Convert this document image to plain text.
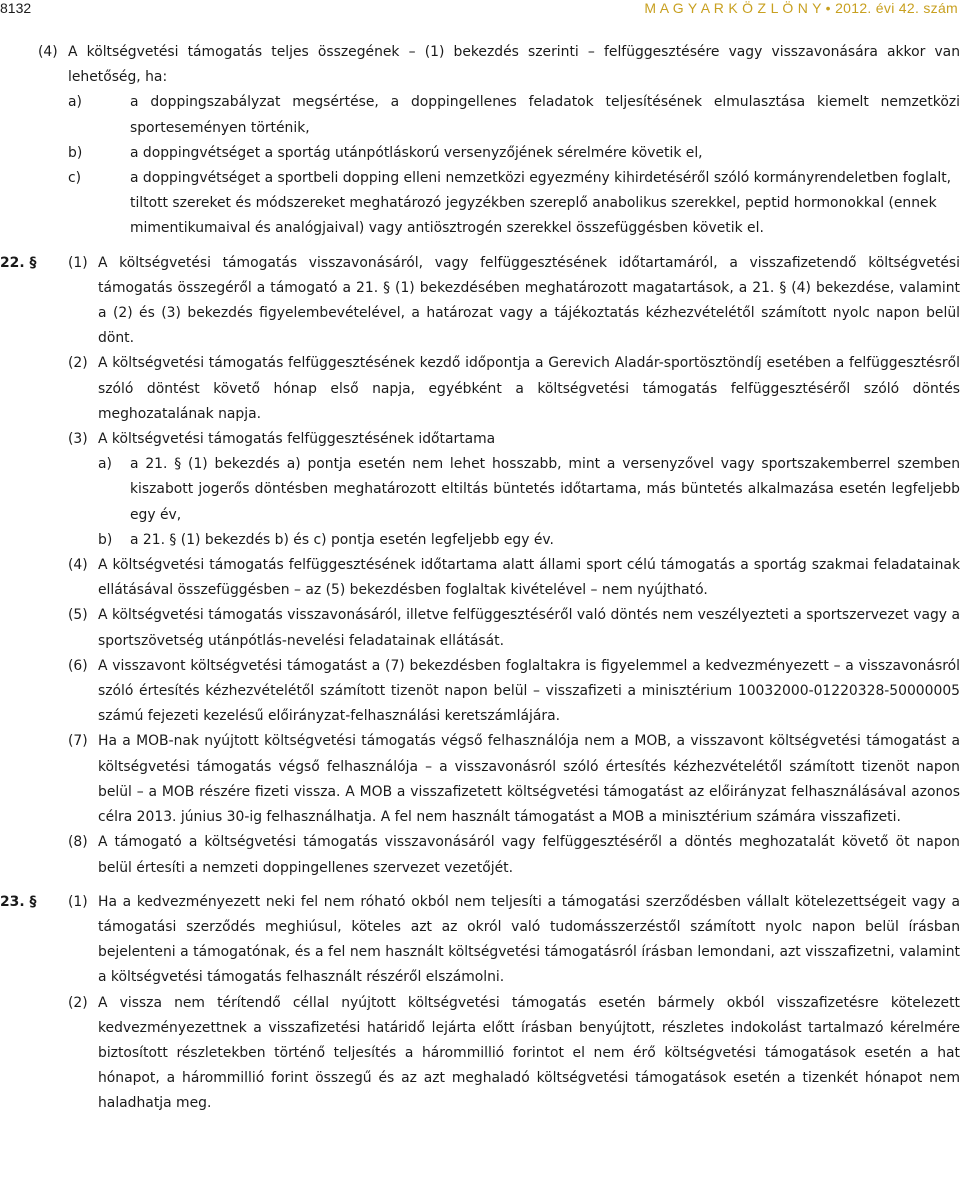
8132	M A G Y A R K Ö Z L Ö N Y • 2012. évi 42. szám
(4) A költségvetési támogatás teljes összegének – (1) bekezdés szerinti – felfüggesztésére vagy visszavonására akkor van lehetőség, ha:
a)	a doppingszabályzat megsértése, a doppingellenes feladatok teljesítésének elmulasztása kiemelt nemzetközi sporteseményen történik,
b)	a doppingvétséget a sportág utánpótláskorú versenyzőjének sérelmére követik el,
c)	a doppingvétséget a sportbeli dopping elleni nemzetközi egyezmény kihirdetéséről szóló kormányrendeletben foglalt, tiltott szereket és módszereket meghatározó jegyzékben szereplő anabolikus szerekkel, peptid hormonokkal (ennek mimentikumaival és analógjaival) vagy antiösztrogén szerekkel összefüggésben követik el.
22. § (1) A költségvetési támogatás visszavonásáról, vagy felfüggesztésének időtartamáról, a visszafizetendő költségvetési támogatás összegéről a támogató a 21. § (1) bekezdésében meghatározott magatartások, a 21. § (4) bekezdése, valamint a (2) és (3) bekezdés figyelembevételével, a határozat vagy a tájékoztatás kézhezvételétől számított nyolc napon belül dönt.
(2) A költségvetési támogatás felfüggesztésének kezdő időpontja a Gerevich Aladár-sportösztöndíj esetében a felfüggesztésről szóló döntést követő hónap első napja, egyébként a költségvetési támogatás felfüggesztéséről szóló döntés meghozatalának napja.
(3) A költségvetési támogatás felfüggesztésének időtartama
a) a 21. § (1) bekezdés a) pontja esetén nem lehet hosszabb, mint a versenyzővel vagy sportszakemberrel szemben kiszabott jogerős döntésben meghatározott eltiltás büntetés időtartama, más büntetés alkalmazása esetén legfeljebb egy év,
b) a 21. § (1) bekezdés b) és c) pontja esetén legfeljebb egy év.
(4) A költségvetési támogatás felfüggesztésének időtartama alatt állami sport célú támogatás a sportág szakmai feladatainak ellátásával összefüggésben – az (5) bekezdésben foglaltak kivételével – nem nyújtható.
(5) A költségvetési támogatás visszavonásáról, illetve felfüggesztéséről való döntés nem veszélyezteti a sportszervezet vagy a sportszövetség utánpótlás-nevelési feladatainak ellátását.
(6) A visszavont költségvetési támogatást a (7) bekezdésben foglaltakra is figyelemmel a kedvezményezett – a visszavonásról szóló értesítés kézhezvételétől számított tizenöt napon belül – visszafizeti a minisztérium 10032000-01220328-50000005 számú fejezeti kezelésű előirányzat-felhasználási keretszámlájára.
(7) Ha a MOB-nak nyújtott költségvetési támogatás végső felhasználója nem a MOB, a visszavont költségvetési támogatást a költségvetési támogatás végső felhasználója – a visszavonásról szóló értesítés kézhezvételétől számított tizenöt napon belül – a MOB részére fizeti vissza. A MOB a visszafizetett költségvetési támogatást az előirányzat felhasználásával azonos célra 2013. június 30-ig felhasználhatja. A fel nem használt támogatást a MOB a minisztérium számára visszafizeti.
(8) A támogató a költségvetési támogatás visszavonásáról vagy felfüggesztéséről a döntés meghozatalát követő öt napon belül értesíti a nemzeti doppingellenes szervezet vezetőjét.
23. § (1) Ha a kedvezményezett neki fel nem róható okból nem teljesíti a támogatási szerződésben vállalt kötelezettségeit vagy a támogatási szerződés meghiúsul, köteles azt az okról való tudomásszerzéstől számított nyolc napon belül írásban bejelenteni a támogatónak, és a fel nem használt költségvetési támogatásról írásban lemondani, azt visszafizetni, valamint a költségvetési támogatás felhasznált részéről elszámolni.
(2) A vissza nem térítendő céllal nyújtott költségvetési támogatás esetén bármely okból visszafizetésre kötelezett kedvezményezettnek a visszafizetési határidő lejárta előtt írásban benyújtott, részletes indokolást tartalmazó kérelmére biztosított részletekben történő teljesítés a hárommillió forintot el nem érő költségvetési támogatások esetén a hat hónapot, a hárommillió forint összegű és az azt meghaladó költségvetési támogatások esetén a tizenkét hónapot nem haladhatja meg.
